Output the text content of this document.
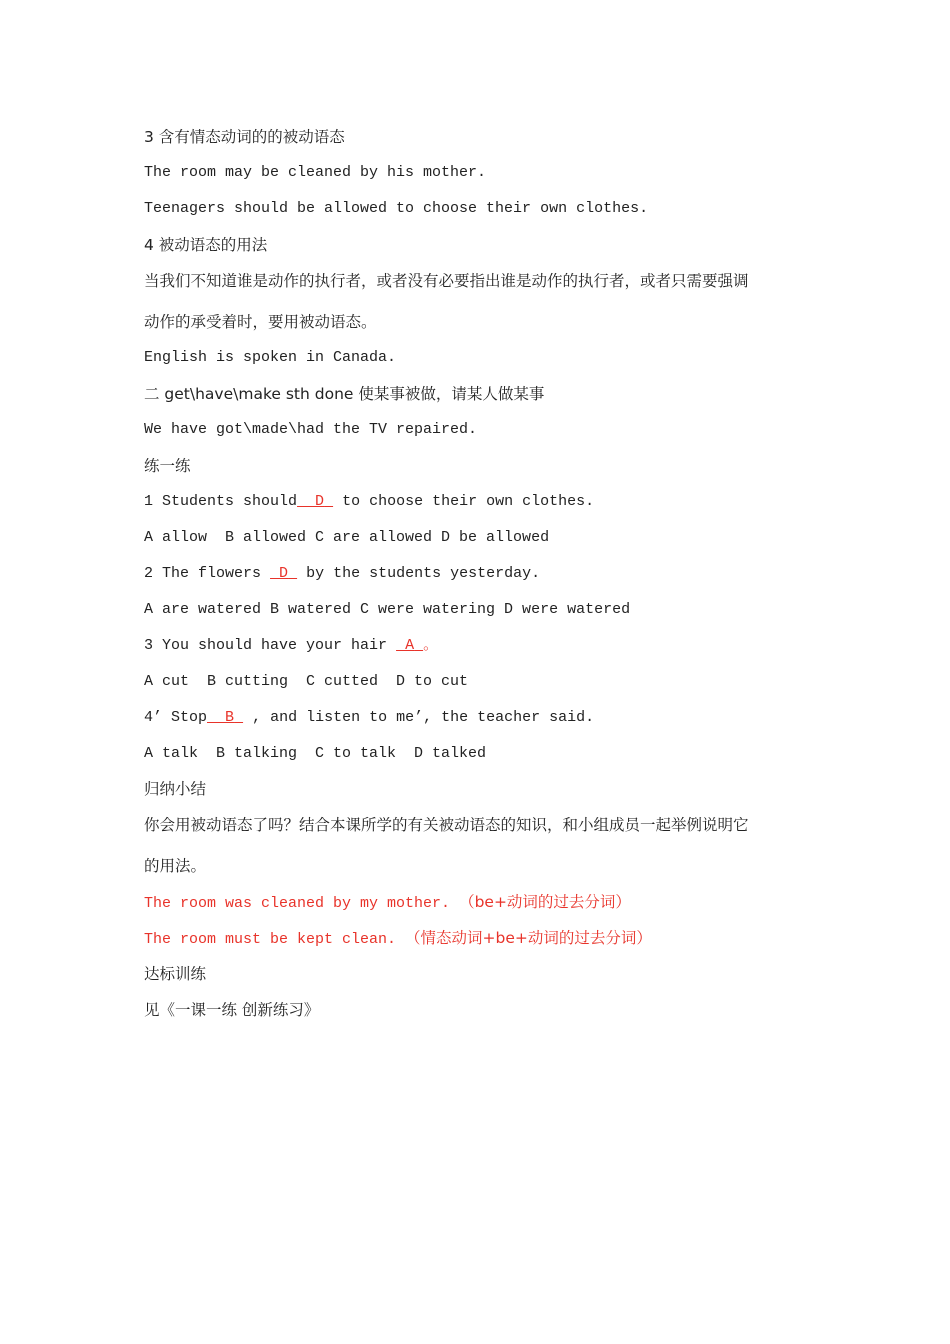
3 含有情态动词的的被动语态
The room may be cleaned by his mother.
Teenagers should be allowed to choose their own clothes.
4 被动语态的用法
当我们不知道谁是动作的执行者，或者没有必要指出谁是动作的执行者，或者只需要强调
动作的承受着时，要用被动语态。
English is spoken in Canada.
二 get\have\make sth done 使某事被做，请某人做某事
We have got\made\had the TV repaired.
练一练
1 Students should D  to choose their own clothes.
A allow  B allowed C are allowed D be allowed
2 The flowers  D  by the students yesterday.
A are watered B watered C were watering D were watered
3 You should have your hair  A 。
A cut  B cutting  C cutted  D to cut
4’ Stop B  , and listen to me’, the teacher said.
A talk  B talking  C to talk  D talked
归纳小结
你会用被动语态了吗？结合本课所学的有关被动语态的知识，和小组成员一起举例说明它
的用法。
The room was cleaned by my mother. （be+动词的过去分词）
The room must be kept clean. （情态动词+be+动词的过去分词）
达标训练
见《一课一练 创新练习》
